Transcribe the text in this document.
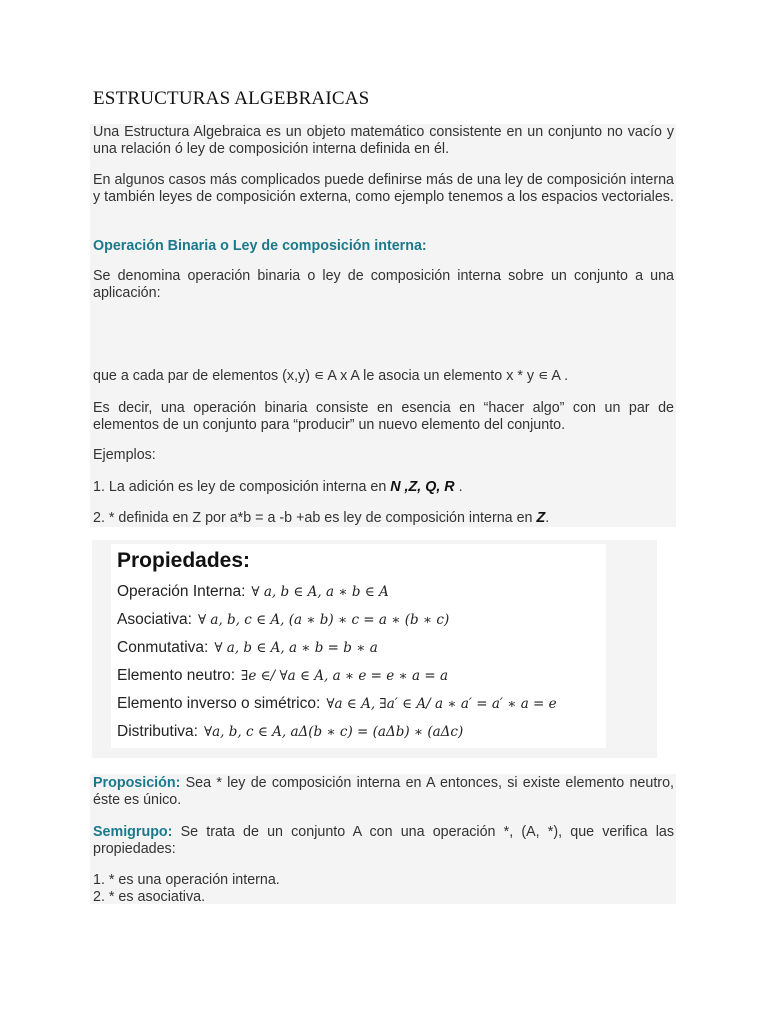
ESTRUCTURAS ALGEBRAICAS

Una Estructura Algebraica es un objeto matemático consistente en un conjunto no vacío y una relación ó ley de composición interna definida en él.

En algunos casos más complicados puede definirse más de una ley de composición interna y también leyes de composición externa, como ejemplo tenemos a los espacios vectoriales.

Operación Binaria o Ley de composición interna:

Se denomina operación binaria o ley de composición interna sobre un conjunto a una aplicación:

que a cada par de elementos (x,y) ∊ A x A le asocia un elemento x * y ∊ A .

Es decir, una operación binaria consiste en esencia en “hacer algo” con un par de elementos de un conjunto para “producir” un nuevo elemento del conjunto.

Ejemplos:

1. La adición es ley de composición interna en N ,Z, Q, R .

2. * definida en Z por a*b = a -b +ab es ley de composición interna en Z.

Propiedades:
Operación Interna: ∀ a, b ∈ A, a ∗ b ∈ A
Asociativa: ∀ a, b, c ∈ A, (a ∗ b) ∗ c = a ∗ (b ∗ c)
Conmutativa: ∀ a, b ∈ A, a ∗ b = b ∗ a
Elemento neutro: ∃e ∈/ ∀a ∈ A, a ∗ e = e ∗ a = a
Elemento inverso o simétrico: ∀a ∈ A, ∃a′ ∈ A/ a ∗ a′ = a′ ∗ a = e
Distributiva: ∀a, b, c ∈ A, aΔ(b ∗ c) = (aΔb) ∗ (aΔc)

Proposición: Sea * ley de composición interna en A entonces, si existe elemento neutro, éste es único.

Semigrupo: Se trata de un conjunto A con una operación *, (A, *), que verifica las propiedades:

1. * es una operación interna.

2. * es asociativa.
